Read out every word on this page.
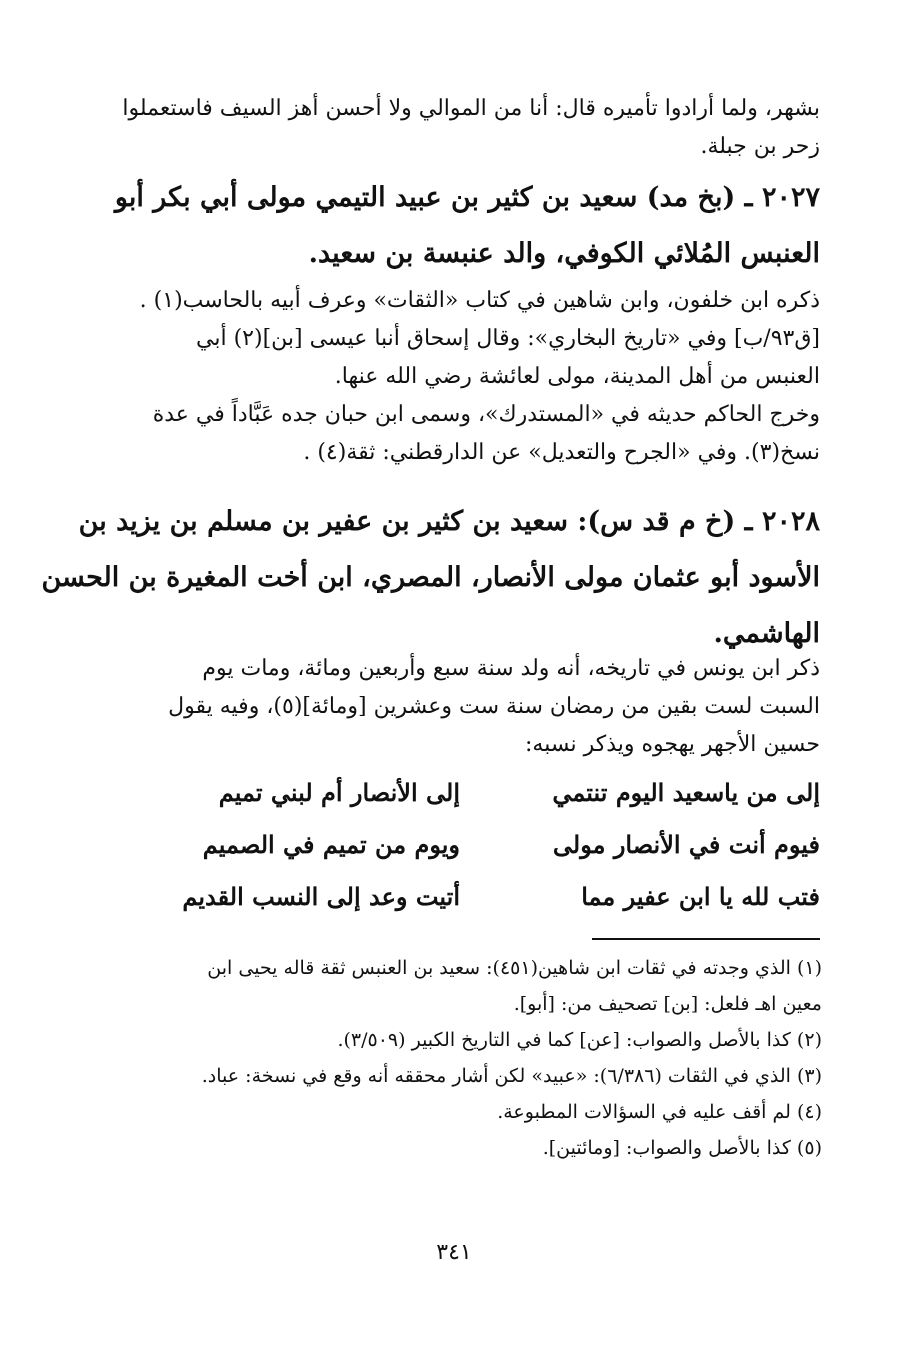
بشهر، ولما أرادوا تأميره قال: أنا من الموالي ولا أحسن أهز السيف فاستعملوا
زحر بن جبلة.
٢٠٢٧ ـ (بخ مد) سعيد بن كثير بن عبيد التيمي مولى أبي بكر أبو
العنبس المُلائي الكوفي، والد عنبسة بن سعيد.
ذكره ابن خلفون، وابن شاهين في كتاب «الثقات» وعرف أبيه بالحاسب(١) .
[ق٩٣/ب] وفي «تاريخ البخاري»: وقال إسحاق أنبا عيسى [بن](٢) أبي
العنبس من أهل المدينة، مولى لعائشة رضي الله عنها.
وخرج الحاكم حديثه في «المستدرك»، وسمى ابن حبان جده عَبَّاداً في عدة
نسخ(٣). وفي «الجرح والتعديل» عن الدارقطني: ثقة(٤) .
٢٠٢٨ ـ (خ م قد س): سعيد بن كثير بن عفير بن مسلم بن يزيد بن
الأسود أبو عثمان مولى الأنصار، المصري، ابن أخت المغيرة بن الحسن
الهاشمي.
ذكر ابن يونس في تاريخه، أنه ولد سنة سبع وأربعين ومائة، ومات يوم
السبت لست بقين من رمضان سنة ست وعشرين [ومائة](٥)، وفيه يقول
حسين الأجهر يهجوه ويذكر نسبه:
إلى من ياسعيد اليوم تنتمي
إلى الأنصار أم لبني تميم
فيوم أنت في الأنصار مولى
ويوم من تميم في الصميم
فتب لله يا ابن عفير مما
أتيت وعد إلى النسب القديم
(١) الذي وجدته في ثقات ابن شاهين(٤٥١): سعيد بن العنبس ثقة قاله يحيى ابن
معين اهـ فلعل: [بن] تصحيف من: [أبو].
(٢) كذا بالأصل والصواب: [عن] كما في التاريخ الكبير (٣/٥٠٩).
(٣) الذي في الثقات (٦/٣٨٦): «عبيد» لكن أشار محققه أنه وقع في نسخة: عباد.
(٤) لم أقف عليه في السؤالات المطبوعة.
(٥) كذا بالأصل والصواب: [ومائتين].
٣٤١
